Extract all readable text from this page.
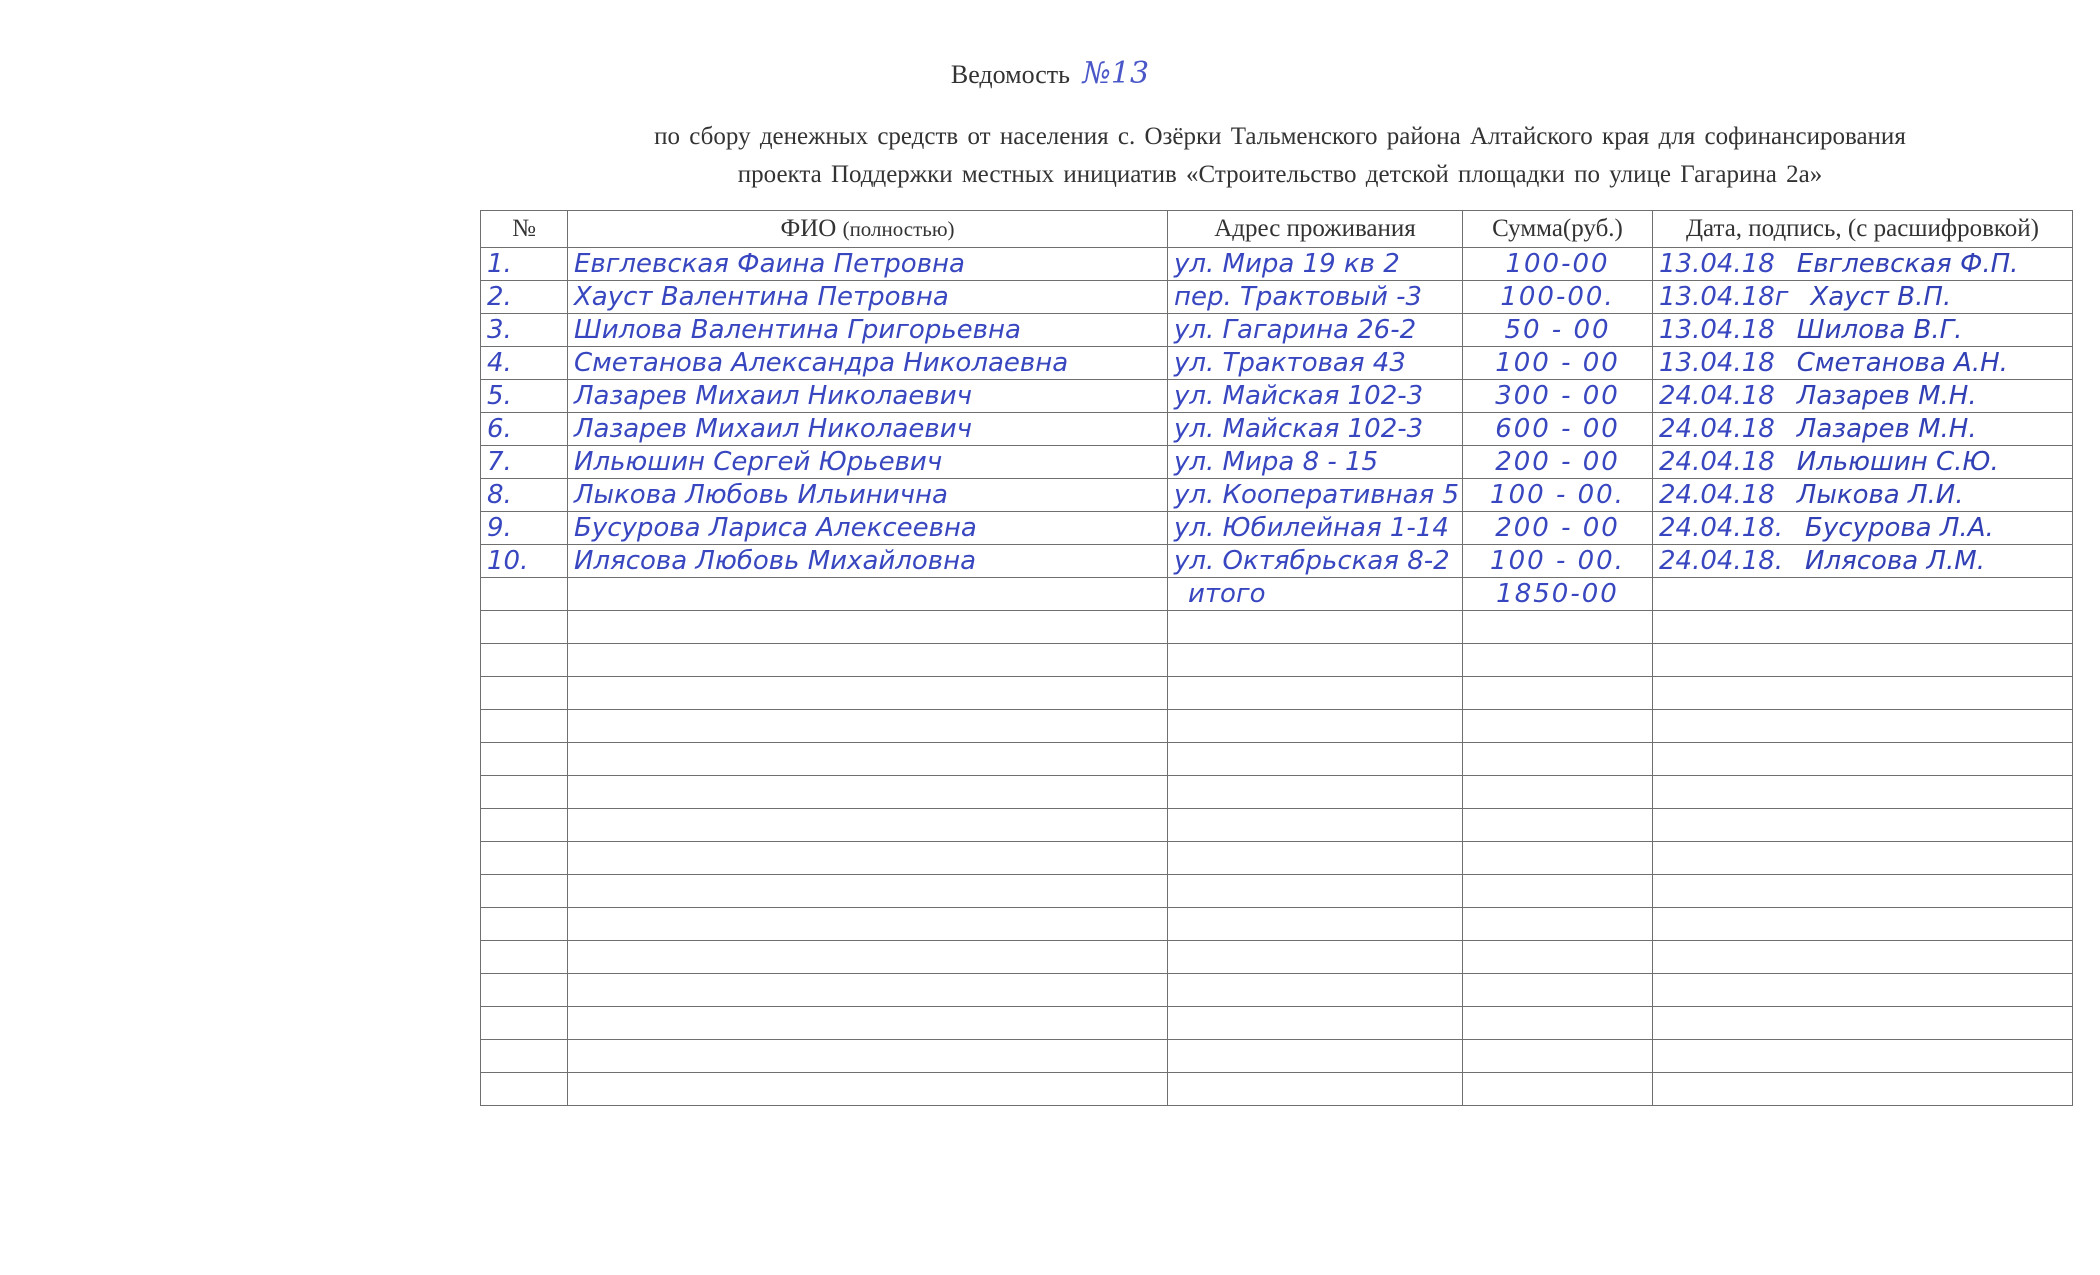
Ведомость №13
по сбору денежных средств от населения с. Озёрки Тальменского района Алтайского края для софинансирования
проекта Поддержки местных инициатив «Строительство детской площадки по улице Гагарина 2а»
№	ФИО (полностью)	Адрес проживания	Сумма(руб.)	Дата, подпись, (с расшифровкой)
1.	Евглевская Фаина Петровна	ул. Мира 19 кв 2	100-00	13.04.18 Евглевская Ф.П.
2.	Хауст Валентина Петровна	пер. Трактовый -3	100-00.	13.04.18г Хауст В.П.
3.	Шилова Валентина Григорьевна	ул. Гагарина 26-2	50 - 00	13.04.18 Шилова В.Г.
4.	Сметанова Александра Николаевна	ул. Трактовая 43	100 - 00	13.04.18 Сметанова А.Н.
5.	Лазарев Михаил Николаевич	ул. Майская 102-3	300 - 00	24.04.18 Лазарев М.Н.
6.	Лазарев Михаил Николаевич	ул. Майская 102-3	600 - 00	24.04.18 Лазарев М.Н.
7.	Ильюшин Сергей Юрьевич	ул. Мира 8 - 15	200 - 00	24.04.18 Ильюшин С.Ю.
8.	Лыкова Любовь Ильинична	ул. Кооперативная 5	100 - 00.	24.04.18 Лыкова Л.И.
9.	Бусурова Лариса Алексеевна	ул. Юбилейная 1-14	200 - 00	24.04.18. Бусурова Л.А.
10.	Илясова Любовь Михайловна	ул. Октябрьская 8-2	100 - 00.	24.04.18. Илясова Л.М.
		итого	1850-00	
